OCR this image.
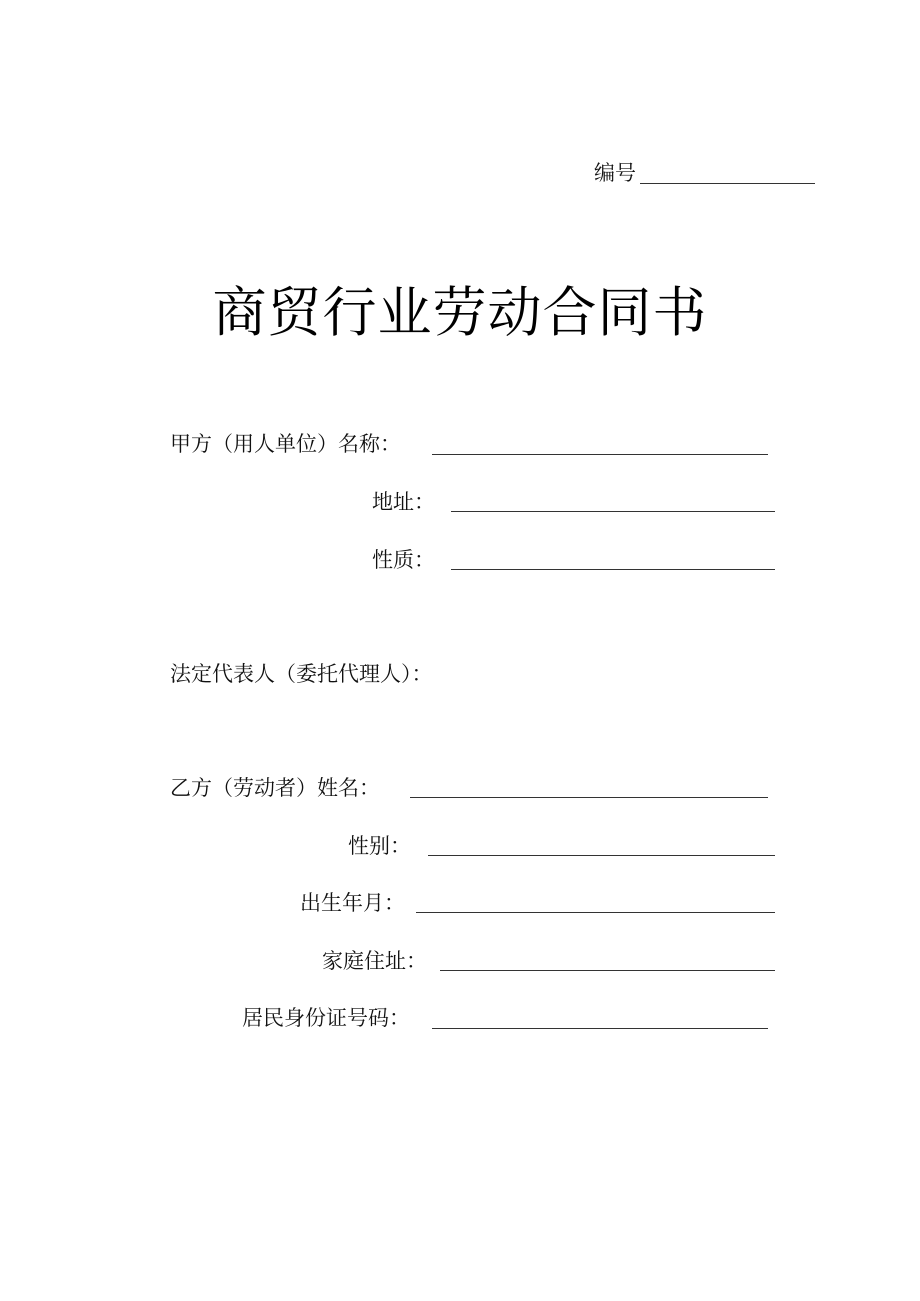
编号
商贸行业劳动合同书
甲方（用人单位）名称：
地址：
性质：
法定代表人（委托代理人）：
乙方（劳动者）姓名：
性别：
出生年月：
家庭住址：
居民身份证号码：
